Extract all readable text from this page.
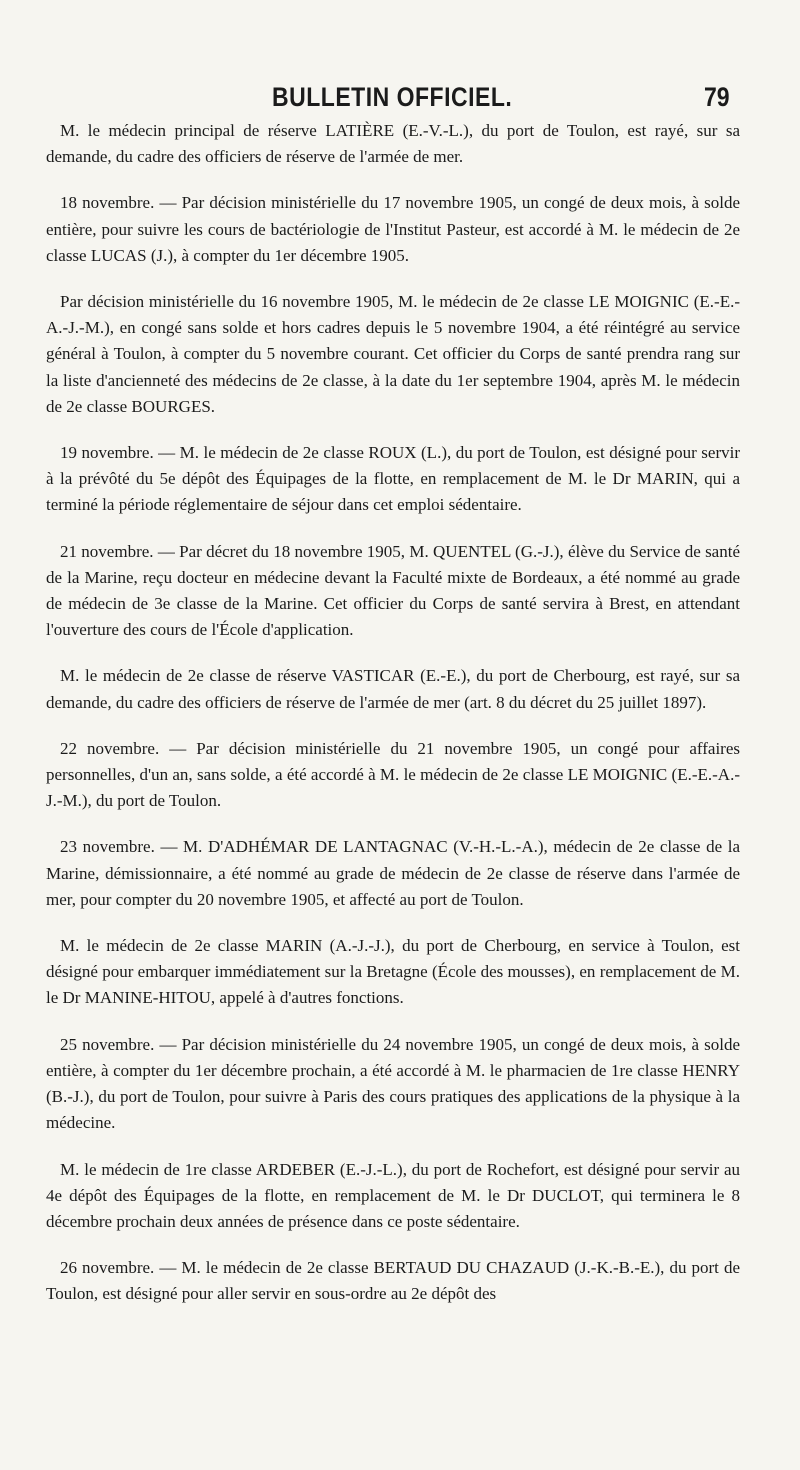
BULLETIN OFFICIEL.	79

M. le médecin principal de réserve LATIÈRE (E.-V.-L.), du port de Toulon, est rayé, sur sa demande, du cadre des officiers de réserve de l'armée de mer.

18 novembre. — Par décision ministérielle du 17 novembre 1905, un congé de deux mois, à solde entière, pour suivre les cours de bactériologie de l'Institut Pasteur, est accordé à M. le médecin de 2e classe LUCAS (J.), à compter du 1er décembre 1905.

Par décision ministérielle du 16 novembre 1905, M. le médecin de 2e classe LE MOIGNIC (E.-E.-A.-J.-M.), en congé sans solde et hors cadres depuis le 5 novembre 1904, a été réintégré au service général à Toulon, à compter du 5 novembre courant. Cet officier du Corps de santé prendra rang sur la liste d'ancienneté des médecins de 2e classe, à la date du 1er septembre 1904, après M. le médecin de 2e classe BOURGES.

19 novembre. — M. le médecin de 2e classe ROUX (L.), du port de Toulon, est désigné pour servir à la prévôté du 5e dépôt des Équipages de la flotte, en remplacement de M. le Dr MARIN, qui a terminé la période réglementaire de séjour dans cet emploi sédentaire.

21 novembre. — Par décret du 18 novembre 1905, M. QUENTEL (G.-J.), élève du Service de santé de la Marine, reçu docteur en médecine devant la Faculté mixte de Bordeaux, a été nommé au grade de médecin de 3e classe de la Marine. Cet officier du Corps de santé servira à Brest, en attendant l'ouverture des cours de l'École d'application.

M. le médecin de 2e classe de réserve VASTICAR (E.-E.), du port de Cherbourg, est rayé, sur sa demande, du cadre des officiers de réserve de l'armée de mer (art. 8 du décret du 25 juillet 1897).

22 novembre. — Par décision ministérielle du 21 novembre 1905, un congé pour affaires personnelles, d'un an, sans solde, a été accordé à M. le médecin de 2e classe LE MOIGNIC (E.-E.-A.-J.-M.), du port de Toulon.

23 novembre. — M. D'ADHÉMAR DE LANTAGNAC (V.-H.-L.-A.), médecin de 2e classe de la Marine, démissionnaire, a été nommé au grade de médecin de 2e classe de réserve dans l'armée de mer, pour compter du 20 novembre 1905, et affecté au port de Toulon.

M. le médecin de 2e classe MARIN (A.-J.-J.), du port de Cherbourg, en service à Toulon, est désigné pour embarquer immédiatement sur la Bretagne (École des mousses), en remplacement de M. le Dr MANINE-HITOU, appelé à d'autres fonctions.

25 novembre. — Par décision ministérielle du 24 novembre 1905, un congé de deux mois, à solde entière, à compter du 1er décembre prochain, a été accordé à M. le pharmacien de 1re classe HENRY (B.-J.), du port de Toulon, pour suivre à Paris des cours pratiques des applications de la physique à la médecine.

M. le médecin de 1re classe ARDEBER (E.-J.-L.), du port de Rochefort, est désigné pour servir au 4e dépôt des Équipages de la flotte, en remplacement de M. le Dr DUCLOT, qui terminera le 8 décembre prochain deux années de présence dans ce poste sédentaire.

26 novembre. — M. le médecin de 2e classe BERTAUD DU CHAZAUD (J.-K.-B.-E.), du port de Toulon, est désigné pour aller servir en sous-ordre au 2e dépôt des
